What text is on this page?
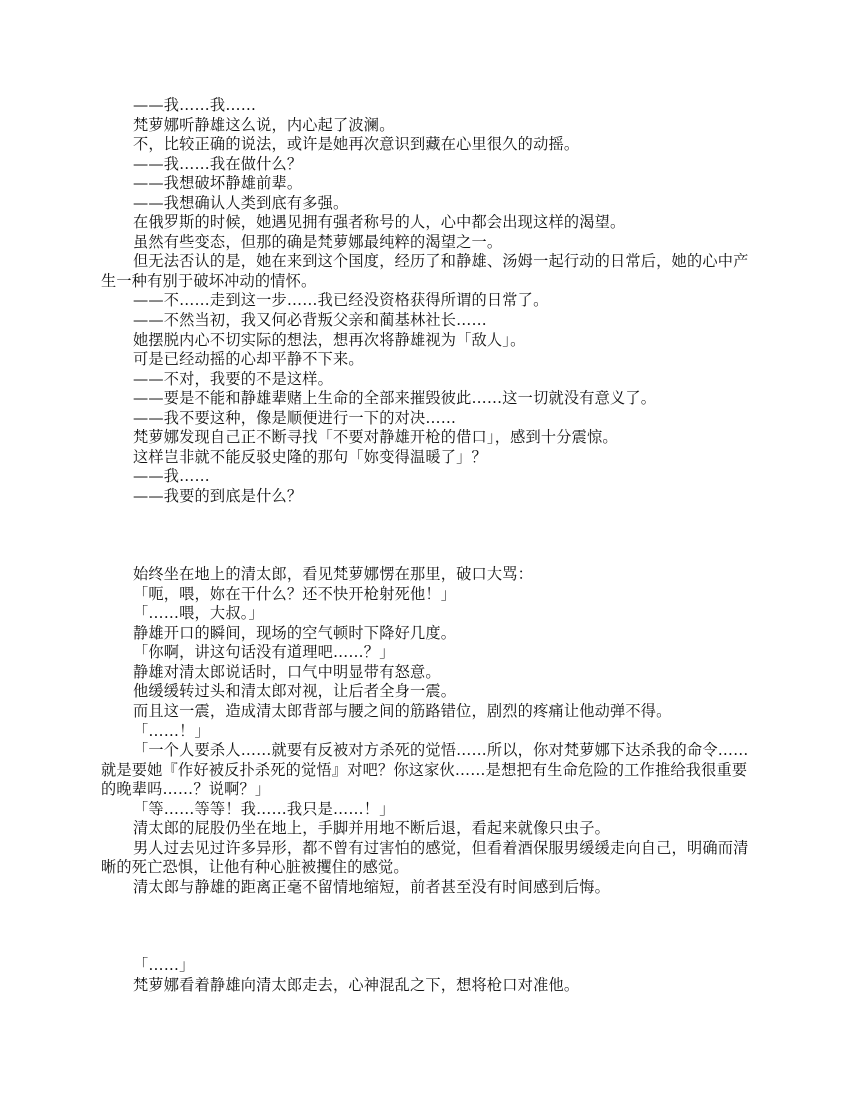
——我……我……

梵萝娜听静雄这么说，内心起了波澜。

不，比较正确的说法，或许是她再次意识到藏在心里很久的动摇。

——我……我在做什么？

——我想破坏静雄前辈。

——我想确认人类到底有多强。

在俄罗斯的时候，她遇见拥有强者称号的人，心中都会出现这样的渴望。

虽然有些变态，但那的确是梵萝娜最纯粹的渴望之一。

但无法否认的是，她在来到这个国度，经历了和静雄、汤姆一起行动的日常后，她的心中产生一种有别于破坏冲动的情怀。

——不……走到这一步……我已经没资格获得所谓的日常了。

——不然当初，我又何必背叛父亲和蔺基林社长……

她摆脱内心不切实际的想法，想再次将静雄视为「敌人」。

可是已经动摇的心却平静不下来。

——不对，我要的不是这样。

——要是不能和静雄辈赌上生命的全部来摧毁彼此……这一切就没有意义了。

——我不要这种，像是顺便进行一下的对决……

梵萝娜发现自己正不断寻找「不要对静雄开枪的借口」，感到十分震惊。

这样岂非就不能反驳史隆的那句「妳变得温暖了」？

——我……

——我要的到底是什么？

始终坐在地上的清太郎，看见梵萝娜愣在那里，破口大骂：

「呃，喂，妳在干什么？还不快开枪射死他！」

「……喂，大叔。」

静雄开口的瞬间，现场的空气顿时下降好几度。

「你啊，讲这句话没有道理吧……？」

静雄对清太郎说话时，口气中明显带有怒意。

他缓缓转过头和清太郎对视，让后者全身一震。

而且这一震，造成清太郎背部与腰之间的筋路错位，剧烈的疼痛让他动弹不得。

「……！」

「一个人要杀人……就要有反被对方杀死的觉悟……所以，你对梵萝娜下达杀我的命令……就是要她『作好被反扑杀死的觉悟』对吧？你这家伙……是想把有生命危险的工作推给我很重要的晚辈吗……？说啊？」

「等……等等！我……我只是……！」

清太郎的屁股仍坐在地上，手脚并用地不断后退，看起来就像只虫子。

男人过去见过许多异形，都不曾有过害怕的感觉，但看着酒保服男缓缓走向自己，明确而清晰的死亡恐惧，让他有种心脏被攫住的感觉。

清太郎与静雄的距离正毫不留情地缩短，前者甚至没有时间感到后悔。

「……」

梵萝娜看着静雄向清太郎走去，心神混乱之下，想将枪口对准他。
